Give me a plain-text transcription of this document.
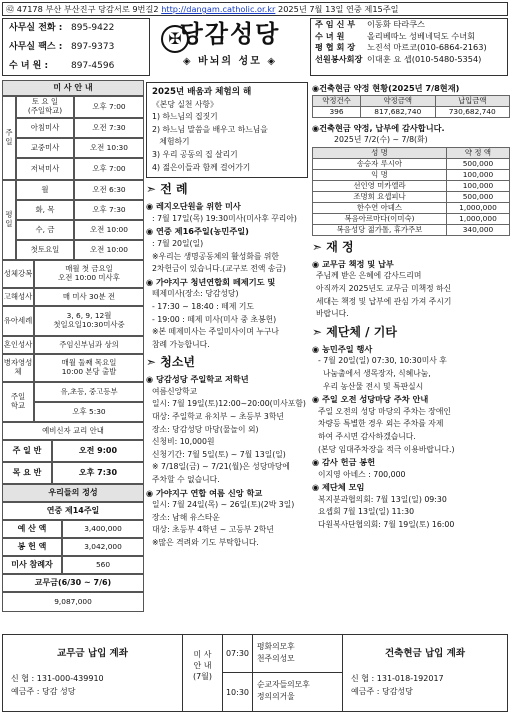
㊷ 47178 부산 부산진구 당감서로 9번길2 http://dangam.catholic.or.kr 2025년 7월 13일 연중 제15주일
사무실 전화 : 895-9422
사무실 팩스 : 897-9373
수 녀 원 :	897-4596
당감성당
◈ 바뇌의 성모 ◈
✠
주 임 신 부 이동화 타라쿠스
수 녀 원	올리베따노 성베네딕도 수녀회
평 협 회 장 노진석 마르코(010-6864-2163)
선원봉사회장 이대훈 요 셉(010-5480-5354)
미 사 안 내
주
일
토 요 일
(주일학교)	오후 7:00
아침미사	오전 7:30
교중미사	오전 10:30
저녁미사	오후 7:00
평
일
월	오전 6:30
화, 목	오후 7:30
수, 금	오전 10:00
첫토요일	오전 10:00
성체강복	매월 첫 금요일
오전 10:00 미사후
고해성사	매 미사 30분 전
유아세례	3, 6, 9, 12월
첫일요일10:30미사중
혼인성사	주임신부님과 상의
병자영성체
매월 둘째 목요일
10:00 본당 출발
주일
학교
유,초등, 중고등부
오후 5:30
예비신자 교리 안내
주 일 반	오전 9:00
목 요 반	오후 7:30
우리들의 정성
연중 제14주일
예 산 액	3,400,000
봉 헌 액	3,042,000
미사 참례자	560
교무금(6/30 ~ 7/6)
9,087,000

2025년 배움과 체험의 해

《본당 실천 사항》

1) 하느님의 집짓기

2) 하느님 말씀을 배우고 하느님을

체험하기

3) 우리 공동의 집 살리기

4) 젊은이들과 함께 걸어가기

➣ 전 례

◉ 레지오단원을 위한 미사

: 7월 17일(목) 19:30미사(미사후 꾸리아)

◉ 연중 제16주일(농민주일)

: 7월 20일(일)

※우리는 생명공동체의 활성화를 위한

2차헌금이 있습니다.(교구로 전액 송금)

◉ 가야지구 청년연합회 떼제기도 및

떼제미사(장소: 당감성당)

- 17:30 ~ 18:40 : 떼제 기도

- 19:00 : 떼제 미사(미사 중 초봉헌)

※본 떼제미사는 주일미사이며 누구나

참례 가능합니다.

➣ 청소년

◉ 당감성당 주일학교 저학년

여름신앙학교

일시: 7월 19일(토)12:00~20:00(미사포함)

대상: 주일학교 유치부 ~ 초등부 3학년

장소: 당감성당 마당(물놀이 외)

신청비: 10,000원

신청기간: 7월 5일(토) ~ 7월 13일(일)

※ 7/18일(금) ~ 7/21(월)은 성당마당에

주차할 수 없습니다.

◉ 가야지구 연합 여름 신앙 학교

일시: 7월 24일(목) ~ 26일(토)(2박 3일)

장소: 남해 유스타운

대상: 초등부 4학년 ~ 고등부 2학년

※많은 격려와 기도 부탁합니다.

◉건축현금 약정 현황(2025년 7/8현재)

약정건수	약정금액	납입금액
396	817,682,740	730,682,740

◉건축현금 약정, 납부에 감사합니다.

2025년 7/2(수) ~ 7/8(화)

성 명	약 정 액
송승자 루시아	500,000
익 명	100,000
선인영 미카엘라	100,000
조명희 요셉피나	500,000
한수연 아녜스	1,000,000
복음아르마다(이미숙)	1,000,000
복음성당 젊가톨, 휴가주보	340,000
➣ 재 정

◉ 교무금 책정 및 납부

주님께 받은 은혜에 감사드리며

아직까지 2025년도 교무금 미책정 하신

세대는 책정 및 납부에 관심 가져 주시기

바랍니다.

➣ 제단체 / 기타

◉ 농민주일 행사

- 7월 20일(일) 07:30, 10:30미사 후

나눔출에서 생목장자, 식혜나눔,

우리 농산물 전시 및 특판실시

◉ 주일 오전 성당마당 주차 안내

주일 오전의 성당 마당의 주차는 장애인

차량등 특별한 경우 외는 주차를 자제

하여 주시면 감사하겠습니다.

(본당 임대주차장을 적극 이용바랍니다.)

◉ 감사 헌금 봉헌

이지영 아녜스 : 700,000

◉ 제단체 모임

복지분과협의회: 7월 13일(일) 09:30

요셉회 7월 13일(일) 11:30

다원복사단협의회: 7월 19일(토) 16:00

교무금 납입 계좌
신 협 : 131-000-439910
예금주 : 당감 성당
미 사
안 내
(7월)
07:30
평화의모후
천주의성모
10:30
순교자들의모후
정의의거울
건축현금 납입 계좌
신 협 : 131-018-192017
예금주 : 당감성당
